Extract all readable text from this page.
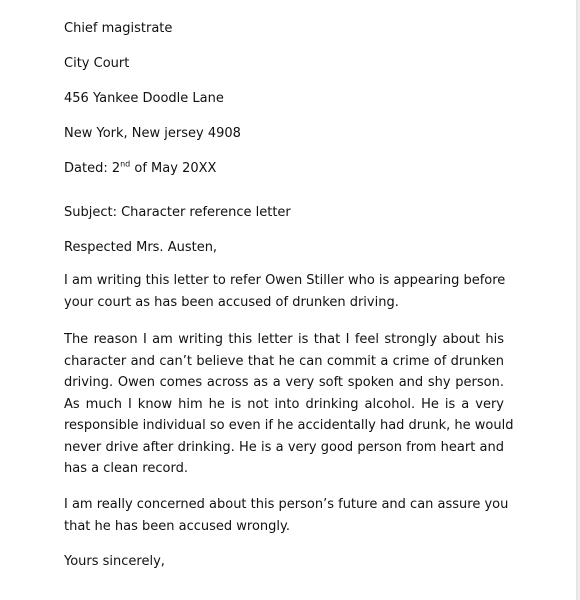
Chief magistrate
City Court
456 Yankee Doodle Lane
New York, New jersey 4908
Dated: 2nd of May 20XX
Subject: Character reference letter
Respected Mrs. Austen,
I am writing this letter to refer Owen Stiller who is appearing before
your court as has been accused of drunken driving.
The reason I am writing this letter is that I feel strongly about his
character and can’t believe that he can commit a crime of drunken
driving. Owen comes across as a very soft spoken and shy person.
As much I know him he is not into drinking alcohol. He is a very
responsible individual so even if he accidentally had drunk, he would
never drive after drinking. He is a very good person from heart and
has a clean record.
I am really concerned about this person’s future and can assure you
that he has been accused wrongly.
Yours sincerely,
